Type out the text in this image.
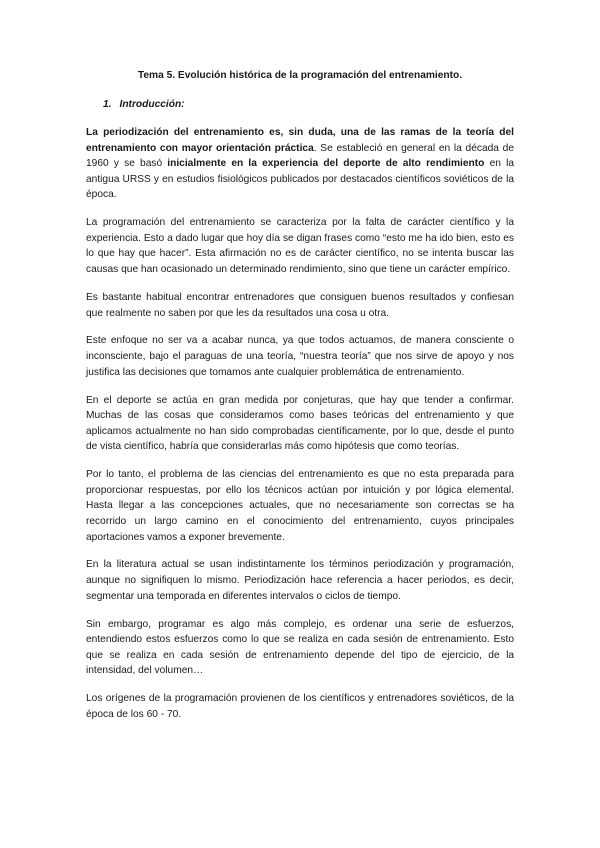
Tema 5. Evolución histórica de la programación del entrenamiento.
1. Introducción:

La periodización del entrenamiento es, sin duda, una de las ramas de la teoría del entrenamiento con mayor orientación práctica. Se estableció en general en la década de 1960 y se basó inicialmente en la experiencia del deporte de alto rendimiento en la antigua URSS y en estudios fisiológicos publicados por destacados científicos soviéticos de la época.

La programación del entrenamiento se caracteriza por la falta de carácter científico y la experiencia. Esto a dado lugar que hoy día se digan frases como “esto me ha ido bien, esto es lo que hay que hacer”. Esta afirmación no es de carácter científico, no se intenta buscar las causas que han ocasionado un determinado rendimiento, sino que tiene un carácter empírico.

Es bastante habitual encontrar entrenadores que consiguen buenos resultados y confiesan que realmente no saben por que les da resultados una cosa u otra.

Este enfoque no ser va a acabar nunca, ya que todos actuamos, de manera consciente o inconsciente, bajo el paraguas de una teoría, “nuestra teoría” que nos sirve de apoyo y nos justifica las decisiones que tomamos ante cualquier problemática de entrenamiento.

En el deporte se actúa en gran medida por conjeturas, que hay que tender a confirmar. Muchas de las cosas que consideramos como bases teóricas del entrenamiento y que aplicamos actualmente no han sido comprobadas científicamente, por lo que, desde el punto de vista científico, habría que considerarlas más como hipótesis que como teorías.

Por lo tanto, el problema de las ciencias del entrenamiento es que no esta preparada para proporcionar respuestas, por ello los técnicos actúan por intuición y por lógica elemental. Hasta llegar a las concepciones actuales, que no necesariamente son correctas se ha recorrido un largo camino en el conocimiento del entrenamiento, cuyos principales aportaciones vamos a exponer brevemente.

En la literatura actual se usan indistintamente los términos periodización y programación, aunque no signifiquen lo mismo. Periodización hace referencia a hacer periodos, es decir, segmentar una temporada en diferentes intervalos o ciclos de tiempo.

Sin embargo, programar es algo más complejo, es ordenar una serie de esfuerzos, entendiendo estos esfuerzos como lo que se realiza en cada sesión de entrenamiento. Esto que se realiza en cada sesión de entrenamiento depende del tipo de ejercicio, de la intensidad, del volumen…

Los orígenes de la programación provienen de los científicos y entrenadores soviéticos, de la época de los 60 - 70.
